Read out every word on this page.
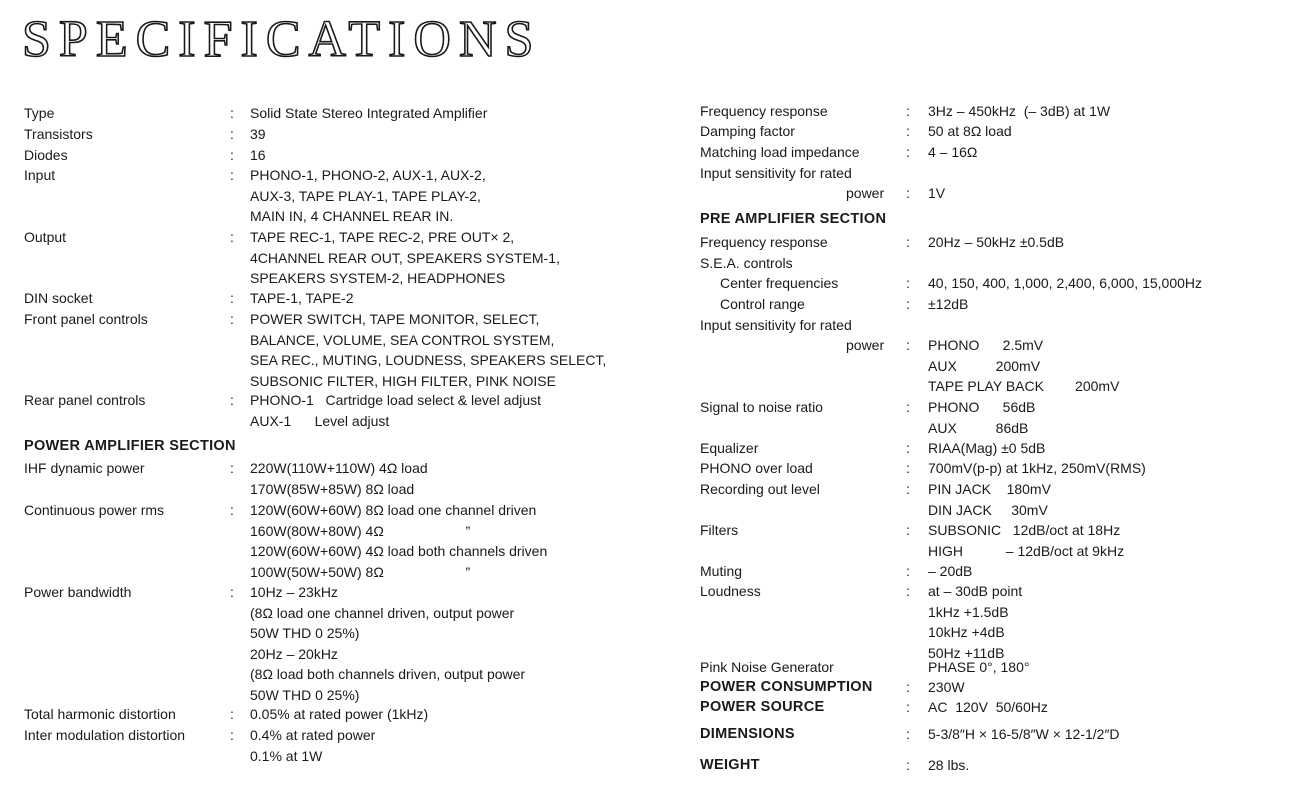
SPECIFICATIONS
Type	: Solid State Stereo Integrated Amplifier
Transistors	: 39
Diodes	: 16
Input	: PHONO-1, PHONO-2, AUX-1, AUX-2,
AUX-3, TAPE PLAY-1, TAPE PLAY-2,
MAIN IN, 4 CHANNEL REAR IN.
Output	: TAPE REC-1, TAPE REC-2, PRE OUT× 2,
4CHANNEL REAR OUT, SPEAKERS SYSTEM-1,
SPEAKERS SYSTEM-2, HEADPHONES
DIN socket	: TAPE-1, TAPE-2
Front panel controls	: POWER SWITCH, TAPE MONITOR, SELECT,
BALANCE, VOLUME, SEA CONTROL SYSTEM,
SEA REC., MUTING, LOUDNESS, SPEAKERS SELECT,
SUBSONIC FILTER, HIGH FILTER, PINK NOISE
Rear panel controls	: PHONO-1   Cartridge load select & level adjust
AUX-1      Level adjust
POWER AMPLIFIER SECTION
IHF dynamic power	: 220W(110W+110W) 4Ω load
170W(85W+85W) 8Ω load
Continuous power rms	: 120W(60W+60W) 8Ω load one channel driven
160W(80W+80W) 4Ω                     ”
120W(60W+60W) 4Ω load both channels driven
100W(50W+50W) 8Ω                     ”
Power bandwidth	: 10Hz – 23kHz
(8Ω load one channel driven, output power
50W THD 0 25%)
20Hz – 20kHz
(8Ω load both channels driven, output power
50W THD 0 25%)
Total harmonic distortion	: 0.05% at rated power (1kHz)
Inter modulation distortion	: 0.4% at rated power
0.1% at 1W
Frequency response	: 3Hz – 450kHz  (– 3dB) at 1W
Damping factor	: 50 at 8Ω load
Matching load impedance	: 4 – 16Ω
Input sensitivity for rated
power : 1V
PRE AMPLIFIER SECTION
Frequency response	: 20Hz – 50kHz ±0.5dB
S.E.A. controls
Center frequencies	: 40, 150, 400, 1,000, 2,400, 6,000, 15,000Hz
Control range	: ±12dB
Input sensitivity for rated
power : PHONO      2.5mV
AUX          200mV
TAPE PLAY BACK        200mV
Signal to noise ratio	: PHONO      56dB
AUX          86dB
Equalizer	: RIAA(Mag) ±0 5dB
PHONO over load	: 700mV(p-p) at 1kHz, 250mV(RMS)
Recording out level	: PIN JACK    180mV
DIN JACK     30mV
Filters	: SUBSONIC   12dB/oct at 18Hz
HIGH           – 12dB/oct at 9kHz
Muting	: – 20dB
Loudness	: at – 30dB point
1kHz +1.5dB
10kHz +4dB
50Hz +11dB
Pink Noise Generator	PHASE 0°, 180°
POWER CONSUMPTION : 230W
POWER SOURCE	: AC  120V  50/60Hz
DIMENSIONS	: 5-3/8″H × 16-5/8″W × 12-1/2″D
WEIGHT	: 28 lbs.
